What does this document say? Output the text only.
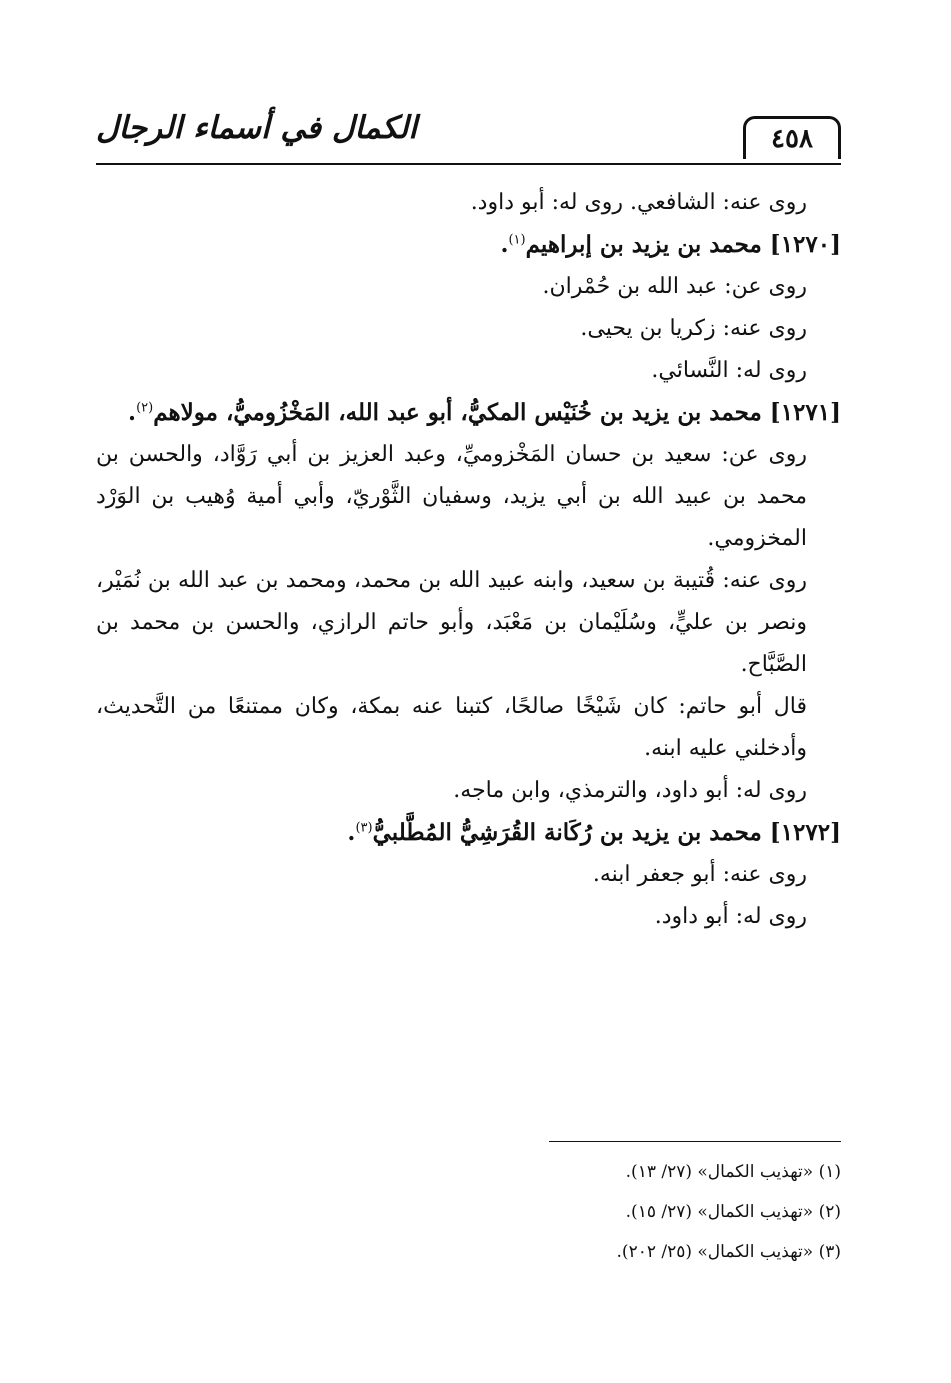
الكمال في أسماء الرجال	٤٥٨

روى عنه: الشافعي. روى له: أبو داود.

[١٢٧٠] محمد بن يزيد بن إبراهيم$^{(١)}$.

روى عن: عبد الله بن حُمْران.

روى عنه: زكريا بن يحيى.

روى له: النَّسائي.

[١٢٧١] محمد بن يزيد بن خُنَيْس المكيُّ، أبو عبد الله، المَخْزُوميُّ، مولاهم$^{(٢)}$.

روى عن: سعيد بن حسان المَخْزوميِّ، وعبد العزيز بن أبي رَوَّاد، والحسن بن محمد بن عبيد الله بن أبي يزيد، وسفيان الثَّوْريّ، وأبي أمية وُهيب بن الوَرْد المخزومي.

روى عنه: قُتيبة بن سعيد، وابنه عبيد الله بن محمد، ومحمد بن عبد الله بن نُمَيْر، ونصر بن عليٍّ، وسُلَيْمان بن مَعْبَد، وأبو حاتم الرازي، والحسن بن محمد بن الصَّبَّاح.

قال أبو حاتم: كان شَيْخًا صالحًا، كتبنا عنه بمكة، وكان ممتنعًا من التَّحديث، وأدخلني عليه ابنه.

روى له: أبو داود، والترمذي، وابن ماجه.

[١٢٧٢] محمد بن يزيد بن رُكَانة القُرَشِيُّ المُطَّلبيُّ$^{(٣)}$.

روى عنه: أبو جعفر ابنه.

روى له: أبو داود.

(١) «تهذيب الكمال» (٢٧/ ١٣).

(٢) «تهذيب الكمال» (٢٧/ ١٥).

(٣) «تهذيب الكمال» (٢٥/ ٢٠٢).
